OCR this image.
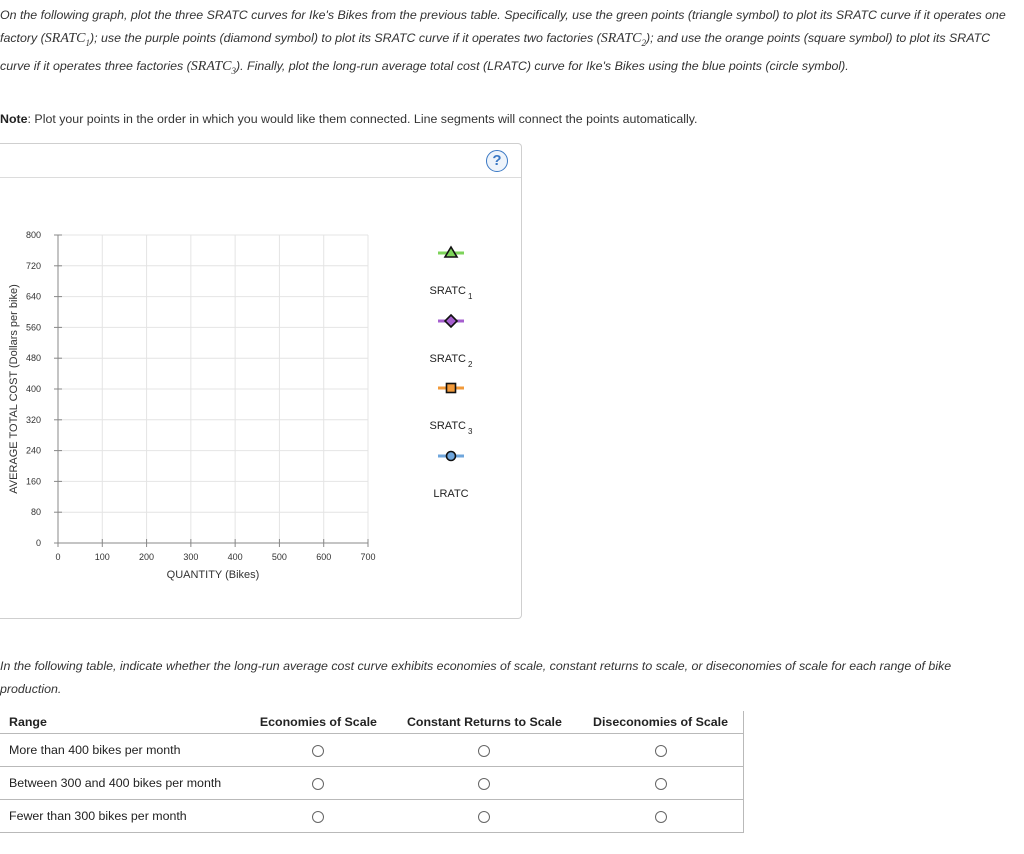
On the following graph, plot the three SRATC curves for Ike's Bikes from the previous table. Specifically, use the green points (triangle symbol) to plot its SRATC curve if it operates one factory $(SRATC_1)$; use the purple points (diamond symbol) to plot its SRATC curve if it operates two factories $(SRATC_2)$; and use the orange points (square symbol) to plot its SRATC curve if it operates three factories $(SRATC_3)$. Finally, plot the long-run average total cost (LRATC) curve for Ike's Bikes using the blue points (circle symbol).
Note: Plot your points in the order in which you would like them connected. Line segments will connect the points automatically.
?
0
80
160
240
320
400
480
560
640
720
800
0	100	200	300	400	500	600	700
QUANTITY (Bikes)
AVERAGE TOTAL COST (Dollars per bike)	SRATC $_1$
SRATC $_2$
SRATC $_3$
LRATC
In the following table, indicate whether the long-run average cost curve exhibits economies of scale, constant returns to scale, or diseconomies of scale for each range of bike production.
Range	Economies of Scale	Constant Returns to Scale	Diseconomies of Scale
More than 400 bikes per month			
Between 300 and 400 bikes per month			
Fewer than 300 bikes per month			
